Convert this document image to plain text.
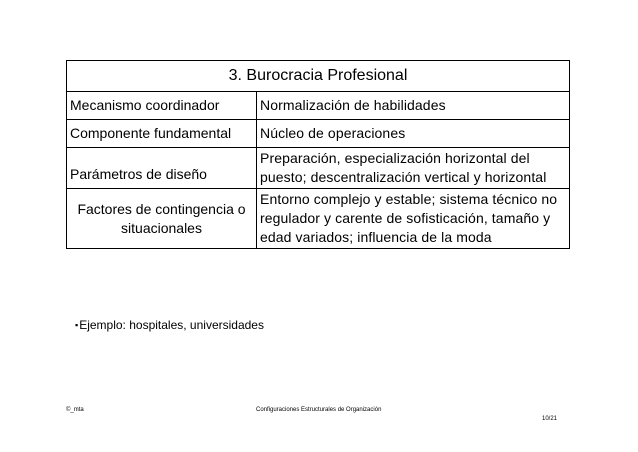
3. Burocracia Profesional	
Mecanismo coordinador	Normalización de habilidades
Componente fundamental	Núcleo de operaciones
Parámetros de diseño	Preparación, especialización horizontal del puesto; descentralización vertical y horizontal
Factores de contingencia o situacionales	Entorno complejo y estable; sistema técnico no regulador y carente de sofisticación, tamaño y edad variados; influencia de la moda
▪Ejemplo: hospitales, universidades
©_mta	Configuraciones Estructurales de Organización
10/21
